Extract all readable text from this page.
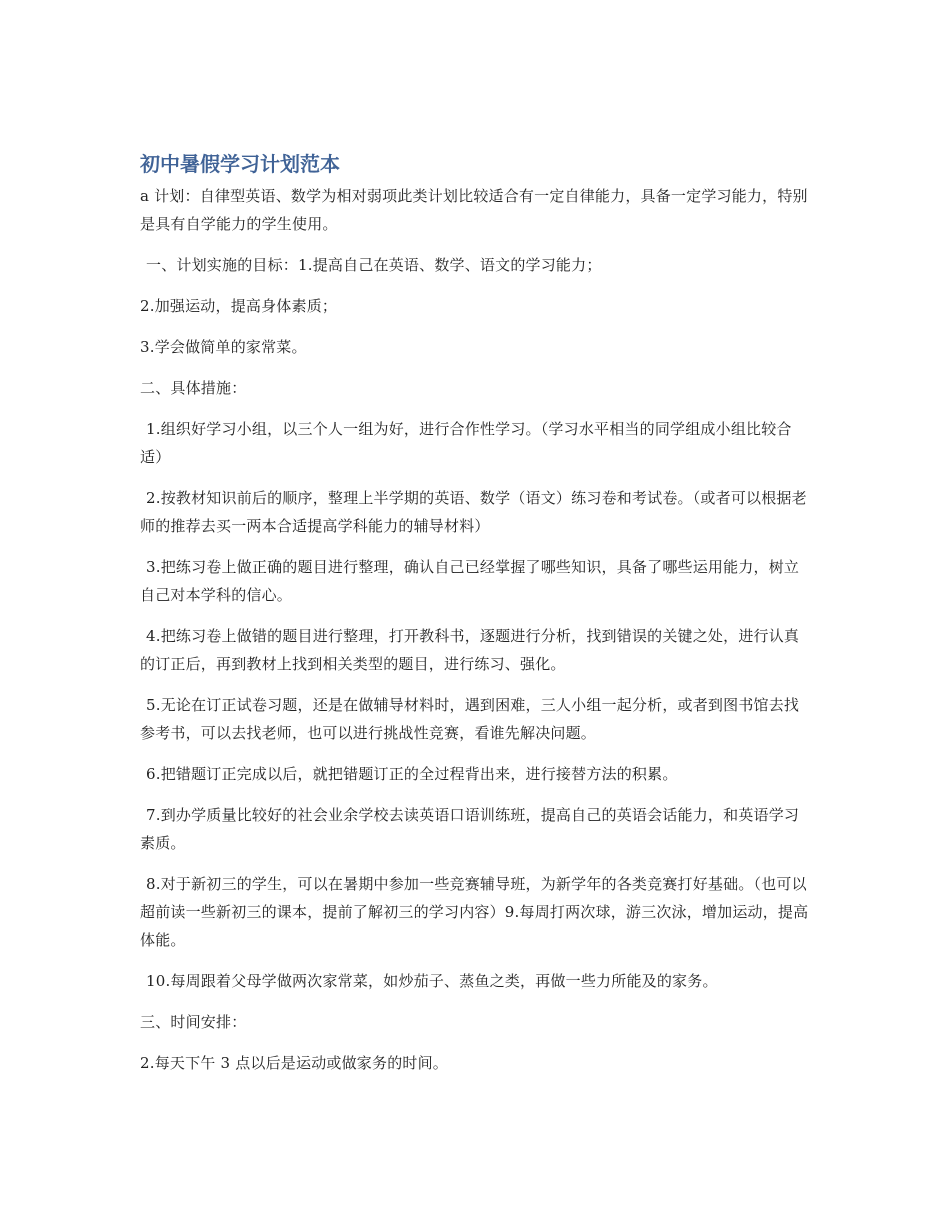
初中暑假学习计划范本

a 计划：自律型英语、数学为相对弱项此类计划比较适合有一定自律能力，具备一定学习能力，特别是具有自学能力的学生使用。

一、计划实施的目标：1.提高自己在英语、数学、语文的学习能力；

2.加强运动，提高身体素质；

3.学会做简单的家常菜。

二、具体措施：

1.组织好学习小组，以三个人一组为好，进行合作性学习。（学习水平相当的同学组成小组比较合适）

2.按教材知识前后的顺序，整理上半学期的英语、数学（语文）练习卷和考试卷。（或者可以根据老师的推荐去买一两本合适提高学科能力的辅导材料）

3.把练习卷上做正确的题目进行整理，确认自己已经掌握了哪些知识，具备了哪些运用能力，树立自己对本学科的信心。

4.把练习卷上做错的题目进行整理，打开教科书，逐题进行分析，找到错误的关键之处，进行认真的订正后，再到教材上找到相关类型的题目，进行练习、强化。

5.无论在订正试卷习题，还是在做辅导材料时，遇到困难，三人小组一起分析，或者到图书馆去找参考书，可以去找老师，也可以进行挑战性竞赛，看谁先解决问题。

6.把错题订正完成以后，就把错题订正的全过程背出来，进行接替方法的积累。

7.到办学质量比较好的社会业余学校去读英语口语训练班，提高自己的英语会话能力，和英语学习素质。

8.对于新初三的学生，可以在暑期中参加一些竞赛辅导班，为新学年的各类竞赛打好基础。（也可以超前读一些新初三的课本，提前了解初三的学习内容）9.每周打两次球，游三次泳，增加运动，提高体能。

10.每周跟着父母学做两次家常菜，如炒茄子、蒸鱼之类，再做一些力所能及的家务。

三、时间安排：

2.每天下午 3 点以后是运动或做家务的时间。
